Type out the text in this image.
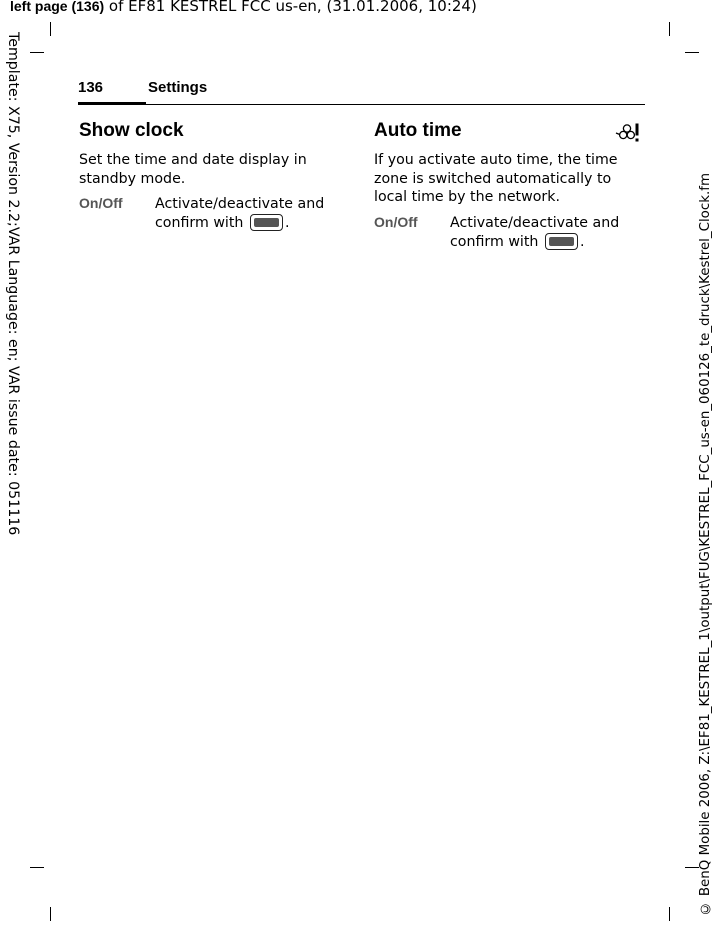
left page (136) of EF81 KESTREL FCC us-en, (31.01.2006, 10:24)
Template: X75, Version 2.2;VAR Language: en; VAR issue date: 051116	© BenQ Mobile 2006, Z:\EF81_KESTREL_1\output\FUG\KESTREL_FCC_us-en_060126_te_druck\Kestrel_Clock.fm
136	Settings
Show clock
Set the time and date display in
standby mode.
On/Off Activate/deactivate and
confirm with	.
Auto time
If you activate auto time, the time
zone is switched automatically to
local time by the network.
On/Off Activate/deactivate and
confirm with	.
